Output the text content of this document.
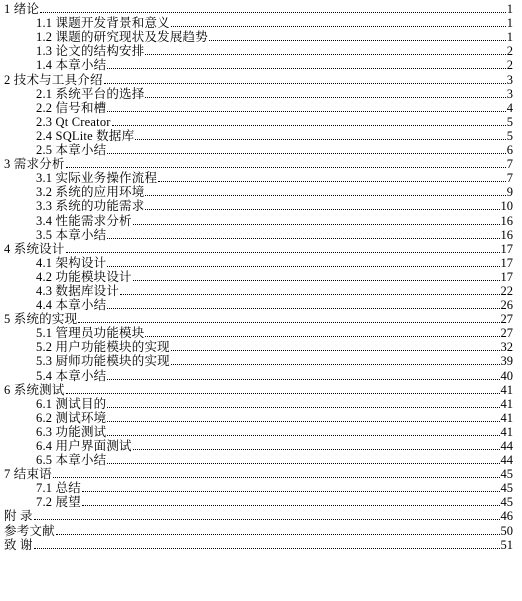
1 绪论	1
1.1 课题开发背景和意义	1
1.2 课题的研究现状及发展趋势	1
1.3 论文的结构安排	2
1.4 本章小结	2
2 技术与工具介绍	3
2.1 系统平台的选择	3
2.2 信号和槽	4
2.3 Qt Creator	5
2.4 SQLite 数据库	5
2.5 本章小结	6
3 需求分析	7
3.1 实际业务操作流程	7
3.2 系统的应用环境	9
3.3 系统的功能需求	10
3.4 性能需求分析	16
3.5 本章小结	16
4 系统设计	17
4.1 架构设计	17
4.2 功能模块设计	17
4.3 数据库设计	22
4.4 本章小结	26
5 系统的实现	27
5.1 管理员功能模块	27
5.2 用户功能模块的实现	32
5.3 厨师功能模块的实现	39
5.4 本章小结	40
6 系统测试	41
6.1 测试目的	41
6.2 测试环境	41
6.3 功能测试	41
6.4 用户界面测试	44
6.5 本章小结	44
7 结束语	45
7.1 总结	45
7.2 展望	45
附 录	46
参考文献	50
致 谢	51
